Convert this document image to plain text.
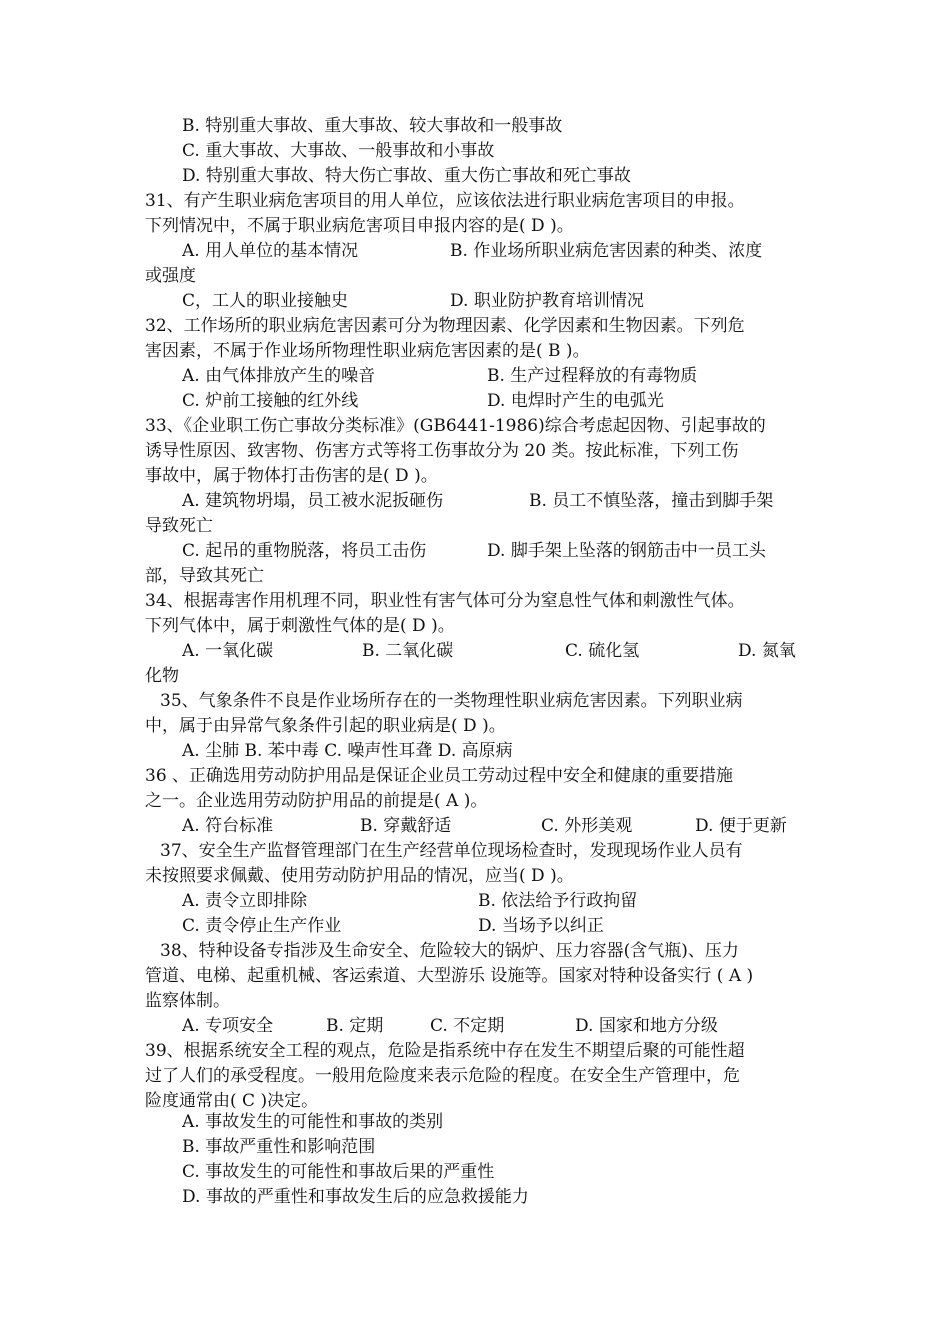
B. 特别重大事故、重大事故、较大事故和一般事故
C. 重大事故、大事故、一般事故和小事故
D. 特别重大事故、特大伤亡事故、重大伤亡事故和死亡事故
31、有产生职业病危害项目的用人单位，应该依法进行职业病危害项目的申报。
下列情况中，不属于职业病危害项目申报内容的是( D )。
A. 用人单位的基本情况	B. 作业场所职业病危害因素的种类、浓度
或强度
C，工人的职业接触史	D. 职业防护教育培训情况
32、工作场所的职业病危害因素可分为物理因素、化学因素和生物因素。下列危
害因素，不属于作业场所物理性职业病危害因素的是( B )。
A. 由气体排放产生的噪音	B. 生产过程释放的有毒物质
C. 炉前工接触的红外线	D. 电焊时产生的电弧光
33、《企业职工伤亡事故分类标准》(GB6441-1986)综合考虑起因物、引起事故的
诱导性原因、致害物、伤害方式等将工伤事故分为 20 类。按此标准，下列工伤
事故中，属于物体打击伤害的是( D )。
A. 建筑物坍塌，员工被水泥扳砸伤	B. 员工不慎坠落，撞击到脚手架
导致死亡
C. 起吊的重物脱落，将员工击伤	D. 脚手架上坠落的钢筋击中一员工头
部，导致其死亡
34、根据毒害作用机理不同，职业性有害气体可分为窒息性气体和刺激性气体。
下列气体中，属于刺激性气体的是( D )。
A. 一氧化碳	B. 二氧化碳	C. 硫化氢	D. 氮氧
化物
35、气象条件不良是作业场所存在的一类物理性职业病危害因素。下列职业病
中，属于由异常气象条件引起的职业病是( D )。
A. 尘肺 B. 苯中毒 C. 噪声性耳聋 D. 高原病
36 、正确选用劳动防护用品是保证企业员工劳动过程中安全和健康的重要措施
之一。企业选用劳动防护用品的前提是( A )。
A. 符台标准	B. 穿戴舒适	C. 外形美观	D. 便于更新
37、安全生产监督管理部门在生产经营单位现场检查时，发现现场作业人员有
未按照要求佩戴、使用劳动防护用品的情况，应当( D )。
A. 责令立即排除	B. 依法给予行政拘留
C. 责令停止生产作业	D. 当场予以纠正
38、特种设备专指涉及生命安全、危险较大的锅炉、压力容器(含气瓶)、压力
管道、电梯、起重机械、客运索道、大型游乐 设施等。国家对特种设备实行 ( A )
监察体制。
A. 专项安全	B. 定期	C. 不定期	D. 国家和地方分级
39、根据系统安全工程的观点，危险是指系统中存在发生不期望后聚的可能性超
过了人们的承受程度。一般用危险度来表示危险的程度。在安全生产管理中，危
险度通常由( C )决定。
A. 事故发生的可能性和事故的类别
B. 事故严重性和影响范围
C. 事故发生的可能性和事故后果的严重性
D. 事故的严重性和事故发生后的应急救援能力
